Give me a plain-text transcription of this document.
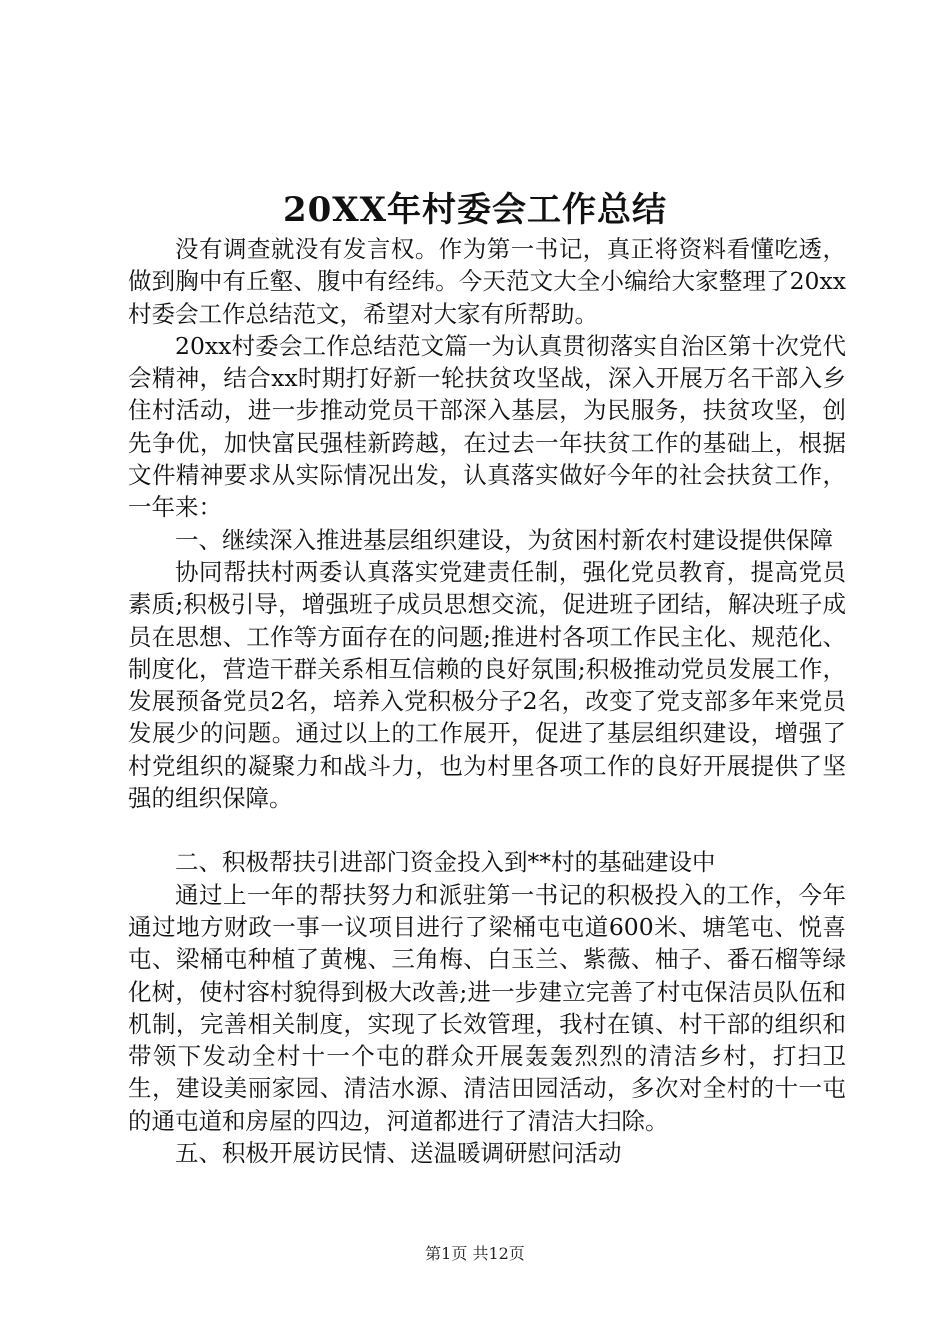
20XX年村委会工作总结

没有调查就没有发言权。作为第一书记，真正将资料看懂吃透，做到胸中有丘壑、腹中有经纬。今天范文大全小编给大家整理了20xx村委会工作总结范文，希望对大家有所帮助。

20xx村委会工作总结范文篇一为认真贯彻落实自治区第十次党代会精神，结合xx时期打好新一轮扶贫攻坚战，深入开展万名干部入乡住村活动，进一步推动党员干部深入基层，为民服务，扶贫攻坚，创先争优，加快富民强桂新跨越，在过去一年扶贫工作的基础上，根据文件精神要求从实际情况出发，认真落实做好今年的社会扶贫工作，一年来：

一、继续深入推进基层组织建设，为贫困村新农村建设提供保障

协同帮扶村两委认真落实党建责任制，强化党员教育，提高党员素质;积极引导，增强班子成员思想交流，促进班子团结，解决班子成员在思想、工作等方面存在的问题;推进村各项工作民主化、规范化、制度化，营造干群关系相互信赖的良好氛围;积极推动党员发展工作，发展预备党员2名，培养入党积极分子2名，改变了党支部多年来党员发展少的问题。通过以上的工作展开，促进了基层组织建设，增强了村党组织的凝聚力和战斗力，也为村里各项工作的良好开展提供了坚强的组织保障。

二、积极帮扶引进部门资金投入到**村的基础建设中

通过上一年的帮扶努力和派驻第一书记的积极投入的工作，今年通过地方财政一事一议项目进行了梁桶屯屯道600米、塘笔屯、悦喜屯、梁桶屯种植了黄槐、三角梅、白玉兰、紫薇、柚子、番石榴等绿化树，使村容村貌得到极大改善;进一步建立完善了村屯保洁员队伍和机制，完善相关制度，实现了长效管理，我村在镇、村干部的组织和带领下发动全村十一个屯的群众开展轰轰烈烈的清洁乡村，打扫卫生，建设美丽家园、清洁水源、清洁田园活动，多次对全村的十一屯的通屯道和房屋的四边，河道都进行了清洁大扫除。

五、积极开展访民情、送温暖调研慰问活动

第1页 共12页
